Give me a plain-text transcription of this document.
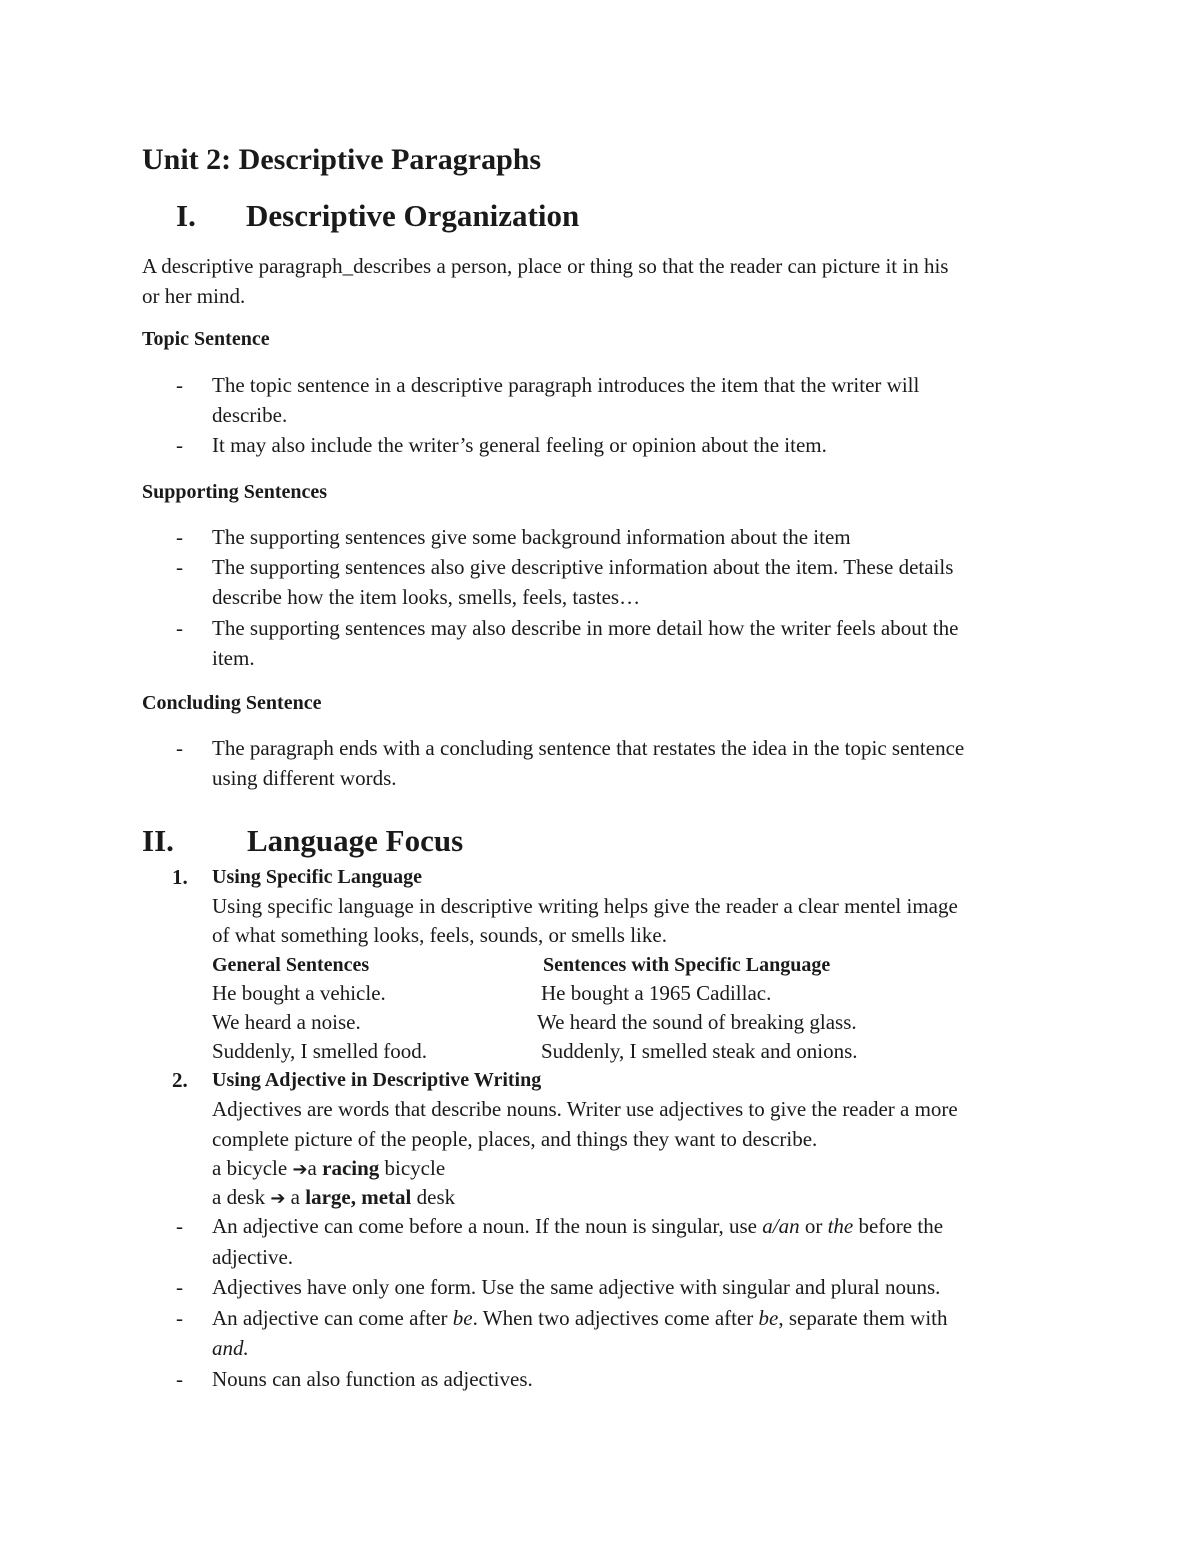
Unit 2: Descriptive Paragraphs
I. Descriptive Organization
A descriptive paragraph_describes a person, place or thing so that the reader can picture it in his
or her mind.
Topic Sentence
- The topic sentence in a descriptive paragraph introduces the item that the writer will
describe.
- It may also include the writer’s general feeling or opinion about the item.
Supporting Sentences
- The supporting sentences give some background information about the item
- The supporting sentences also give descriptive information about the item. These details
describe how the item looks, smells, feels, tastes…
- The supporting sentences may also describe in more detail how the writer feels about the
item.
Concluding Sentence
- The paragraph ends with a concluding sentence that restates the idea in the topic sentence
using different words.
II. Language Focus
1. Using Specific Language
Using specific language in descriptive writing helps give the reader a clear mentel image
of what something looks, feels, sounds, or smells like.
General Sentences	Sentences with Specific Language
He bought a vehicle.	He bought a 1965 Cadillac.
We heard a noise.	We heard the sound of breaking glass.
Suddenly, I smelled food.	Suddenly, I smelled steak and onions.
2. Using Adjective in Descriptive Writing
Adjectives are words that describe nouns. Writer use adjectives to give the reader a more
complete picture of the people, places, and things they want to describe.
a bicycle ➔a racing bicycle
a desk ➔ a large, metal desk
- An adjective can come before a noun. If the noun is singular, use a/an or the before the
adjective.
- Adjectives have only one form. Use the same adjective with singular and plural nouns.
- An adjective can come after be. When two adjectives come after be, separate them with
and.
- Nouns can also function as adjectives.
